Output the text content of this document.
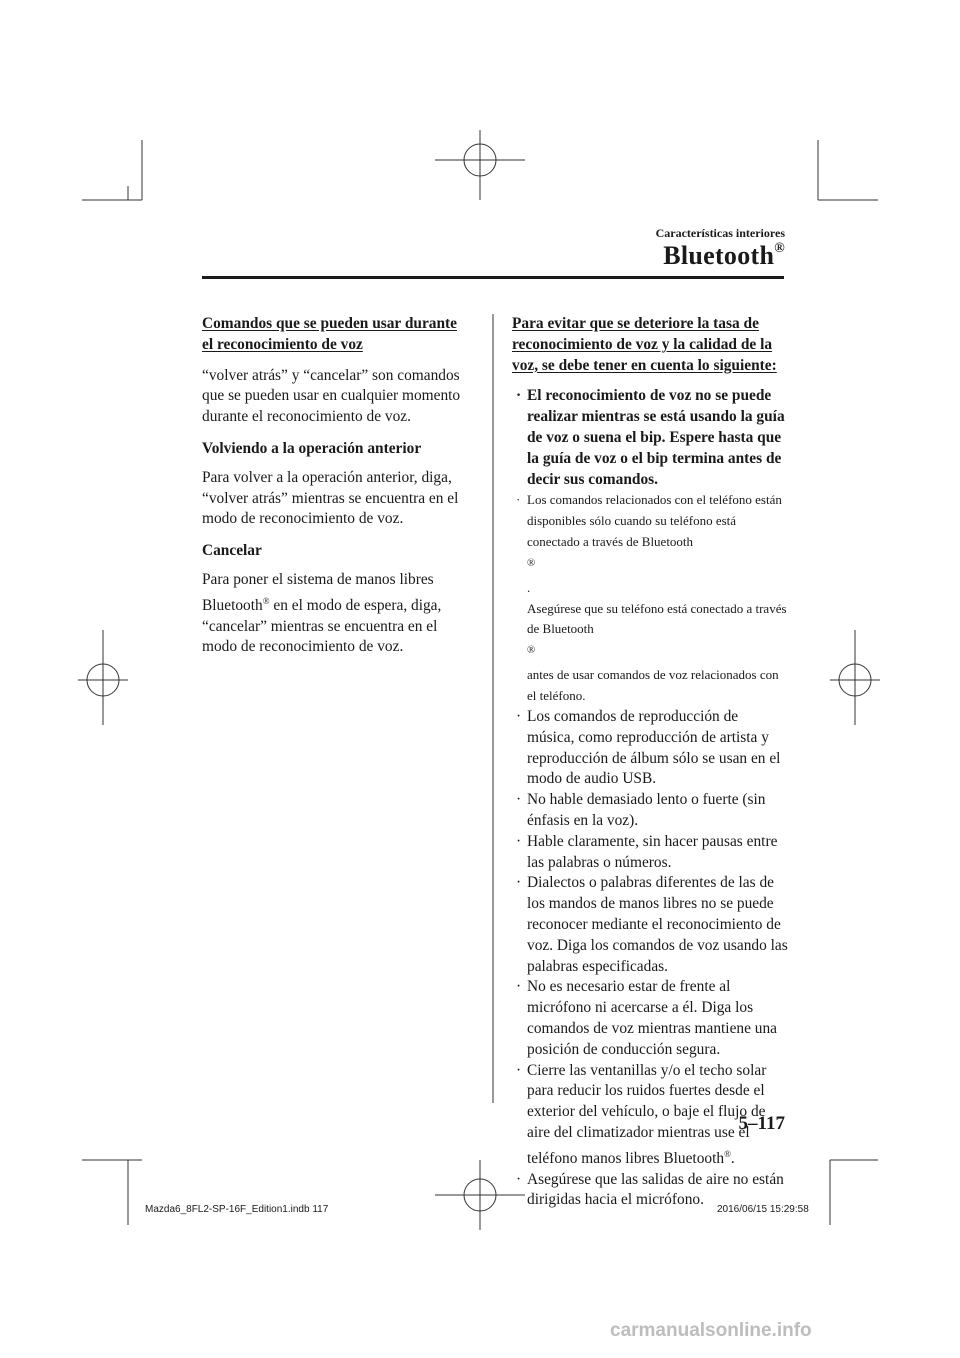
Características interiores
Bluetooth®
Comandos que se pueden usar durante
el reconocimiento de voz

“volver atrás” y “cancelar” son comandos que se pueden usar en cualquier momento durante el reconocimiento de voz.

Volviendo a la operación anterior

Para volver a la operación anterior, diga, “volver atrás” mientras se encuentra en el modo de reconocimiento de voz.

Cancelar

Para poner el sistema de manos libres Bluetooth® en el modo de espera, diga, “cancelar” mientras se encuentra en el modo de reconocimiento de voz.

Para evitar que se deteriore la tasa de
reconocimiento de voz y la calidad de la
voz, se debe tener en cuenta lo siguiente:
· El reconocimiento de voz no se puede realizar mientras se está usando la guía de voz o suena el bip. Espere hasta que la guía de voz o el bip termina antes de decir sus comandos.
· Los comandos relacionados con el teléfono están disponibles sólo cuando su teléfono está conectado a través de Bluetooth
®
.
Asegúrese que su teléfono está conectado a través de Bluetooth
®
antes de usar comandos de voz relacionados con el teléfono.
· Los comandos de reproducción de música, como reproducción de artista y reproducción de álbum sólo se usan en el modo de audio USB.
· No hable demasiado lento o fuerte (sin énfasis en la voz).
· Hable claramente, sin hacer pausas entre las palabras o números.
· Dialectos o palabras diferentes de las de los mandos de manos libres no se puede reconocer mediante el reconocimiento de voz. Diga los comandos de voz usando las palabras especificadas.
· No es necesario estar de frente al micrófono ni acercarse a él. Diga los comandos de voz mientras mantiene una posición de conducción segura.
· Cierre las ventanillas y/o el techo solar para reducir los ruidos fuertes desde el exterior del vehículo, o baje el flujo de aire del climatizador mientras use el teléfono manos libres Bluetooth®.
· Asegúrese que las salidas de aire no están dirigidas hacia el micrófono.
5–117
Mazda6_8FL2-SP-16F_Edition1.indb 117	2016/06/15 15:29:58
carmanualsonline.info
